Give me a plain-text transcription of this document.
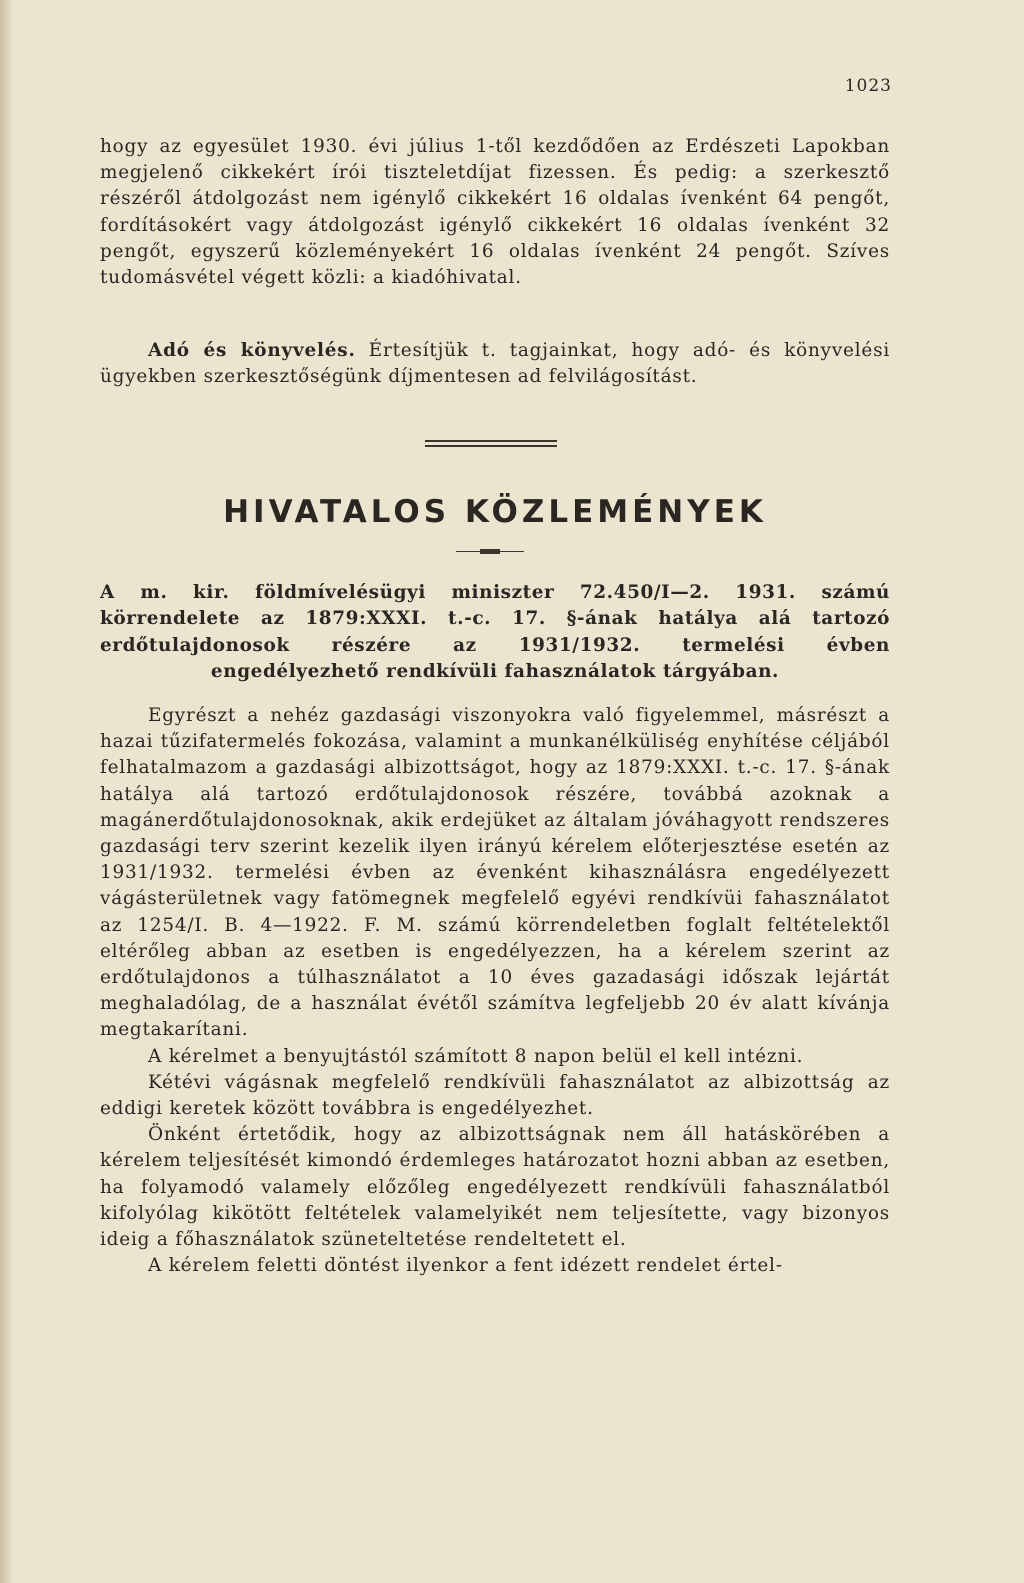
1023

hogy az egyesület 1930. évi július 1-től kezdődően az Erdészeti Lapokban megjelenő cikkekért írói tiszteletdíjat fizessen. És pedig: a szerkesztő részéről átdolgozást nem igénylő cikkekért 16 oldalas ívenként 64 pengőt, fordításokért vagy átdolgozást igénylő cikkekért 16 oldalas ívenként 32 pengőt, egyszerű közleményekért 16 oldalas ívenként 24 pengőt. Szíves tudomásvétel végett közli: a kiadóhivatal.

Adó és könyvelés. Értesítjük t. tagjainkat, hogy adó- és könyvelési ügyekben szerkesztőségünk díjmentesen ad felvilágosítást.

HIVATALOS KÖZLEMÉNYEK

A m. kir. földmívelésügyi miniszter 72.450/I—2. 1931. számú körrendelete az 1879:XXXI. t.-c. 17. §-ának hatálya alá tartozó erdőtulajdonosok részére az 1931/1932. termelési évben engedélyezhető rendkívüli fahasználatok tárgyában.

Egyrészt a nehéz gazdasági viszonyokra való figyelemmel, másrészt a hazai tűzifatermelés fokozása, valamint a munkanélküliség enyhítése céljából felhatalmazom a gazdasági albizottságot, hogy az 1879:XXXI. t.-c. 17. §-ának hatálya alá tartozó erdőtulajdonosok részére, továbbá azoknak a magánerdőtulajdonosoknak, akik erdejüket az általam jóváhagyott rendszeres gazdasági terv szerint kezelik ilyen irányú kérelem előterjesztése esetén az 1931/1932. termelési évben az évenként kihasználásra engedélyezett vágásterületnek vagy fatömegnek megfelelő egyévi rendkívüi fahasználatot az 1254/I. B. 4—1922. F. M. számú körrendeletben foglalt feltételektől eltérőleg abban az esetben is engedélyezzen, ha a kérelem szerint az erdőtulajdonos a túlhasználatot a 10 éves gazadasági időszak lejártát meghaladólag, de a használat évétől számítva legfeljebb 20 év alatt kívánja megtakarítani.

A kérelmet a benyujtástól számított 8 napon belül el kell intézni.

Kétévi vágásnak megfelelő rendkívüli fahasználatot az albizottság az eddigi keretek között továbbra is engedélyezhet.

Önként értetődik, hogy az albizottságnak nem áll hatáskörében a kérelem teljesítését kimondó érdemleges határozatot hozni abban az esetben, ha folyamodó valamely előzőleg engedélyezett rendkívüli fahasználatból kifolyólag kikötött feltételek valamelyikét nem teljesítette, vagy bizonyos ideig a főhasználatok szüneteltetése rendeltetett el.

A kérelem feletti döntést ilyenkor a fent idézett rendelet értel-
